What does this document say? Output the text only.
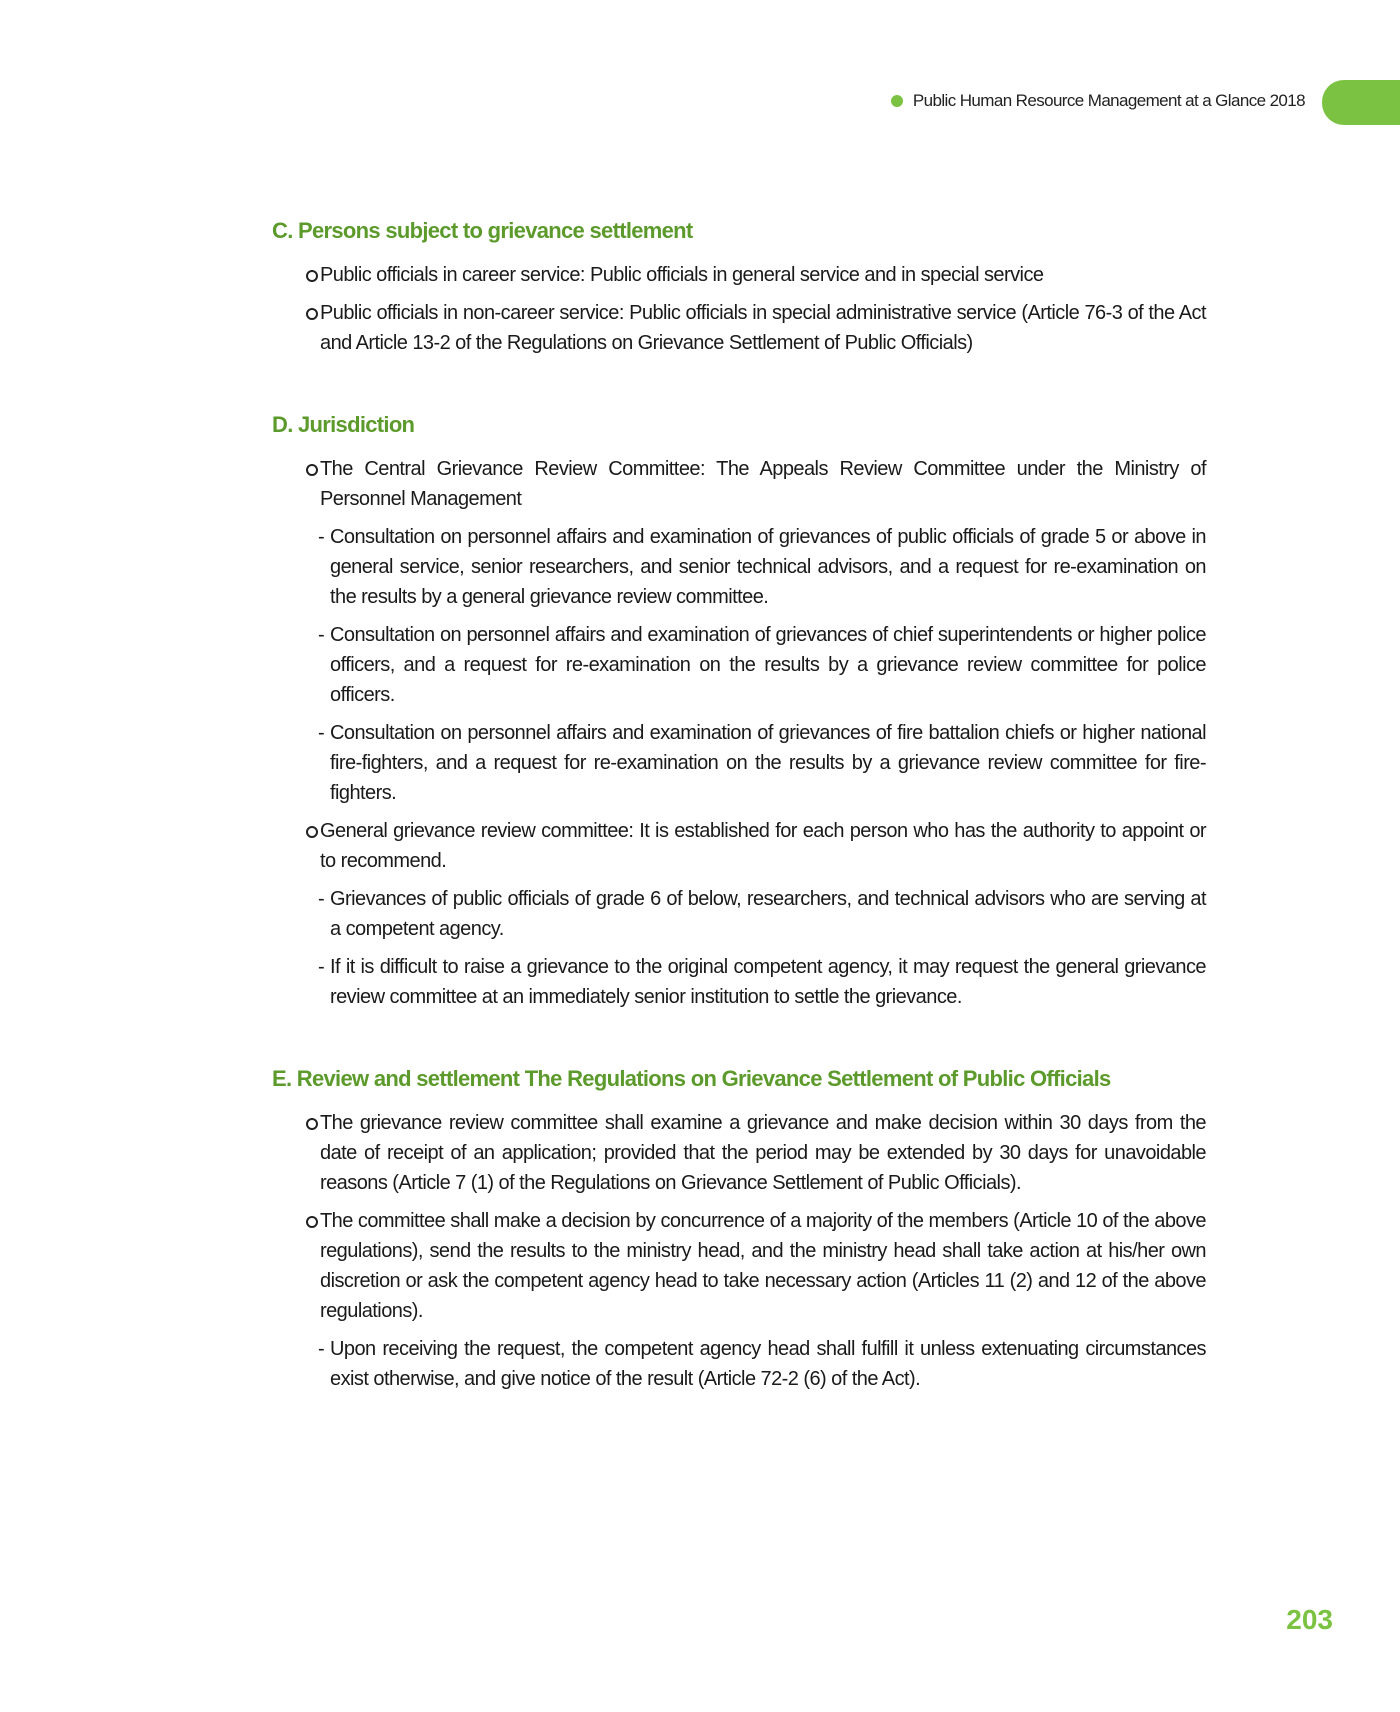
Public Human Resource Management at a Glance 2018
C. Persons subject to grievance settlement

Public officials in career service: Public officials in general service and in special service

Public officials in non-career service: Public officials in special administrative service (Article 76-3 of the Act and Article 13-2 of the Regulations on Grievance Settlement of Public Officials)

D. Jurisdiction

The Central Grievance Review Committee: The Appeals Review Committee under the Ministry of Personnel Management

- Consultation on personnel affairs and examination of grievances of public officials of grade 5 or above in general service, senior researchers, and senior technical advisors, and a request for re-examination on the results by a general grievance review committee.

- Consultation on personnel affairs and examination of grievances of chief superintendents or higher police officers, and a request for re-examination on the results by a grievance review committee for police officers.

- Consultation on personnel affairs and examination of grievances of fire battalion chiefs or higher national fire-fighters, and a request for re-examination on the results by a grievance review committee for fire-fighters.

General grievance review committee: It is established for each person who has the authority to appoint or to recommend.

- Grievances of public officials of grade 6 of below, researchers, and technical advisors who are serving at a competent agency.

- If it is difficult to raise a grievance to the original competent agency, it may request the general grievance review committee at an immediately senior institution to settle the grievance.

E. Review and settlement The Regulations on Grievance Settlement of Public Officials

The grievance review committee shall examine a grievance and make decision within 30 days from the date of receipt of an application; provided that the period may be extended by 30 days for unavoidable reasons (Article 7 (1) of the Regulations on Grievance Settlement of Public Officials).

The committee shall make a decision by concurrence of a majority of the members (Article 10 of the above regulations), send the results to the ministry head, and the ministry head shall take action at his/her own discretion or ask the competent agency head to take necessary action (Articles 11 (2) and 12 of the above regulations).

- Upon receiving the request, the competent agency head shall fulfill it unless extenuating circumstances exist otherwise, and give notice of the result (Article 72-2 (6) of the Act).

203
